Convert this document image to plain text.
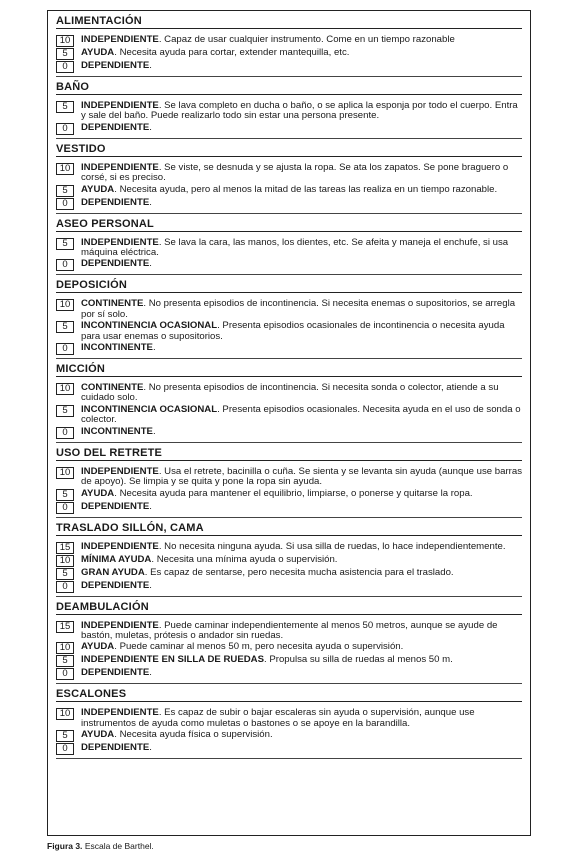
ALIMENTACIÓN
10	INDEPENDIENTE. Capaz de usar cualquier instrumento. Come en un tiempo razonable
5	AYUDA. Necesita ayuda para cortar, extender mantequilla, etc.
0	DEPENDIENTE.
BAÑO
5	INDEPENDIENTE. Se lava completo en ducha o baño, o se aplica la esponja por todo el cuerpo. Entra y sale del baño. Puede realizarlo todo sin estar una persona presente.
0	DEPENDIENTE.
VESTIDO
10	INDEPENDIENTE. Se viste, se desnuda y se ajusta la ropa. Se ata los zapatos. Se pone braguero o corsé, si es preciso.
5	AYUDA. Necesita ayuda, pero al menos la mitad de las tareas las realiza en un tiempo razonable.
0	DEPENDIENTE.
ASEO PERSONAL
5	INDEPENDIENTE. Se lava la cara, las manos, los dientes, etc. Se afeita y maneja el enchufe, si usa máquina eléctrica.
0	DEPENDIENTE.
DEPOSICIÓN
10	CONTINENTE. No presenta episodios de incontinencia. Si necesita enemas o supositorios, se arregla por sí solo.
5	INCONTINENCIA OCASIONAL. Presenta episodios ocasionales de incontinencia o necesita ayuda para usar enemas o supositorios.
0	INCONTINENTE.
MICCIÓN
10	CONTINENTE. No presenta episodios de incontinencia. Si necesita sonda o colector, atiende a su cuidado solo.
5	INCONTINENCIA OCASIONAL. Presenta episodios ocasionales. Necesita ayuda en el uso de sonda o colector.
0	INCONTINENTE.
USO DEL RETRETE
10	INDEPENDIENTE. Usa el retrete, bacinilla o cuña. Se sienta y se levanta sin ayuda (aunque use barras de apoyo). Se limpia y se quita y pone la ropa sin ayuda.
5	AYUDA. Necesita ayuda para mantener el equilibrio, limpiarse, o ponerse y quitarse la ropa.
0	DEPENDIENTE.
TRASLADO SILLÓN, CAMA
15	INDEPENDIENTE. No necesita ninguna ayuda. Si usa silla de ruedas, lo hace independientemente.
10	MÍNIMA AYUDA. Necesita una mínima ayuda o supervisión.
5	GRAN AYUDA. Es capaz de sentarse, pero necesita mucha asistencia para el traslado.
0	DEPENDIENTE.
DEAMBULACIÓN
15	INDEPENDIENTE. Puede caminar independientemente al menos 50 metros, aunque se ayude de bastón, muletas, prótesis o andador sin ruedas.
10	AYUDA. Puede caminar al menos 50 m, pero necesita ayuda o supervisión.
5	INDEPENDIENTE EN SILLA DE RUEDAS. Propulsa su silla de ruedas al menos 50 m.
0	DEPENDIENTE.
ESCALONES
10	INDEPENDIENTE. Es capaz de subir o bajar escaleras sin ayuda o supervisión, aunque use instrumentos de ayuda como muletas o bastones o se apoye en la barandilla.
5	AYUDA. Necesita ayuda física o supervisión.
0	DEPENDIENTE.
Figura 3. Escala de Barthel.
